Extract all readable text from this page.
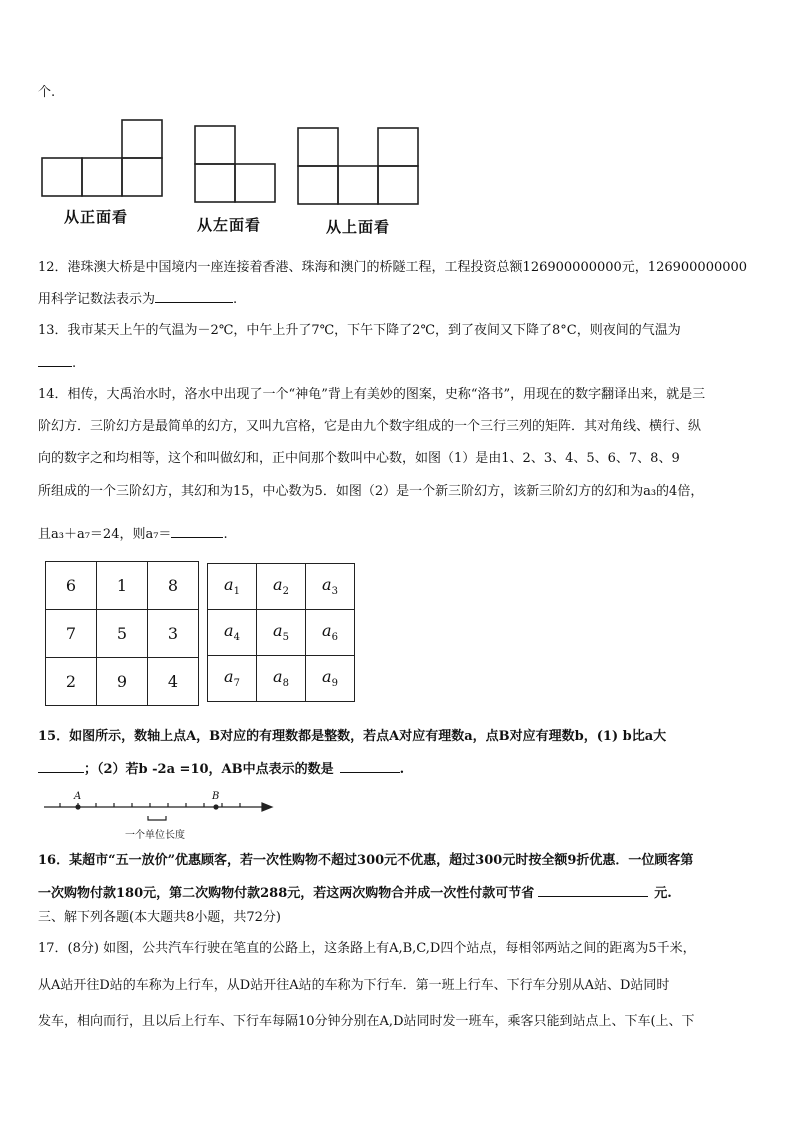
个.
从正面看	从左面看	从上面看
12．港珠澳大桥是中国境内一座连接着香港、珠海和澳门的桥隧工程，工程投资总额126900000000元，126900000000
用科学记数法表示为	.
13．我市某天上午的气温为－2℃，中午上升了7℃，下午下降了2℃，到了夜间又下降了8°C，则夜间的气温为
.
14．相传，大禹治水时，洛水中出现了一个“神龟”背上有美妙的图案，史称“洛书”，用现在的数字翻译出来，就是三
阶幻方．三阶幻方是最简单的幻方，又叫九宫格，它是由九个数字组成的一个三行三列的矩阵．其对角线、横行、纵
向的数字之和均相等，这个和叫做幻和，正中间那个数叫中心数，如图（1）是由1、2、3、4、5、6、7、8、9
所组成的一个三阶幻方，其幻和为15，中心数为5．如图（2）是一个新三阶幻方，该新三阶幻方的幻和为a₃的4倍，
且a₃＋a₇＝24，则a₇＝	.
6	1	8
7	5	3
2	9	4
$a_1$	$a_2$	$a_3$
$a_4$	$a_5$	$a_6$
$a_7$	$a_8$	$a_9$
15．如图所示，数轴上点A，B对应的有理数都是整数，若点A对应有理数a，点B对应有理数b，(1) b比a大
；（2）若b -2a =10，AB中点表示的数是	.
A	B
一个单位长度
16．某超市“五一放价”优惠顾客，若一次性购物不超过300元不优惠，超过300元时按全额9折优惠．一位顾客第
一次购物付款180元，第二次购物付款288元，若这两次购物合并成一次性付款可节省	元.
三、解下列各题(本大题共8小题，共72分)
17．(8分) 如图，公共汽车行驶在笔直的公路上，这条路上有A,B,C,D四个站点，每相邻两站之间的距离为5千米，
从A站开往D站的车称为上行车，从D站开往A站的车称为下行车．第一班上行车、下行车分别从A站、D站同时
发车，相向而行，且以后上行车、下行车每隔10分钟分别在A,D站同时发一班车，乘客只能到站点上、下车(上、下
